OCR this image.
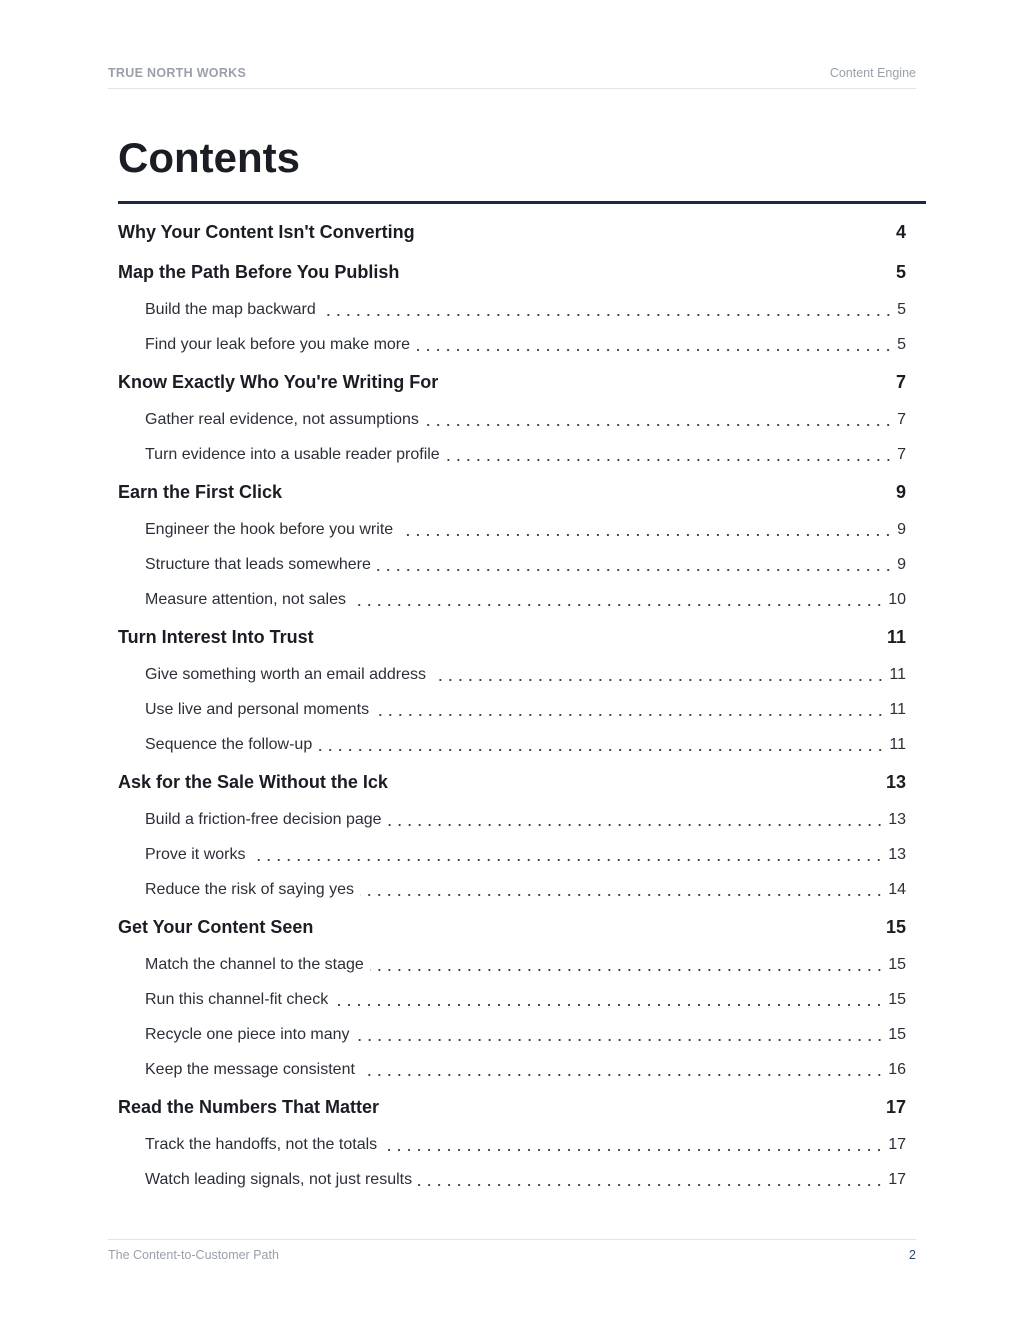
TRUE NORTH WORKS	Content Engine
Contents
Why Your Content Isn't Converting	4
Map the Path Before You Publish	5
Build the map backward	5
Find your leak before you make more	5
Know Exactly Who You're Writing For	7
Gather real evidence, not assumptions	7
Turn evidence into a usable reader profile	7
Earn the First Click	9
Engineer the hook before you write	9
Structure that leads somewhere	9
Measure attention, not sales	10
Turn Interest Into Trust	11
Give something worth an email address	11
Use live and personal moments	11
Sequence the follow-up	11
Ask for the Sale Without the Ick	13
Build a friction-free decision page	13
Prove it works	13
Reduce the risk of saying yes	14
Get Your Content Seen	15
Match the channel to the stage	15
Run this channel-fit check	15
Recycle one piece into many	15
Keep the message consistent	16
Read the Numbers That Matter	17
Track the handoffs, not the totals	17
Watch leading signals, not just results	17
The Content-to-Customer Path	2
